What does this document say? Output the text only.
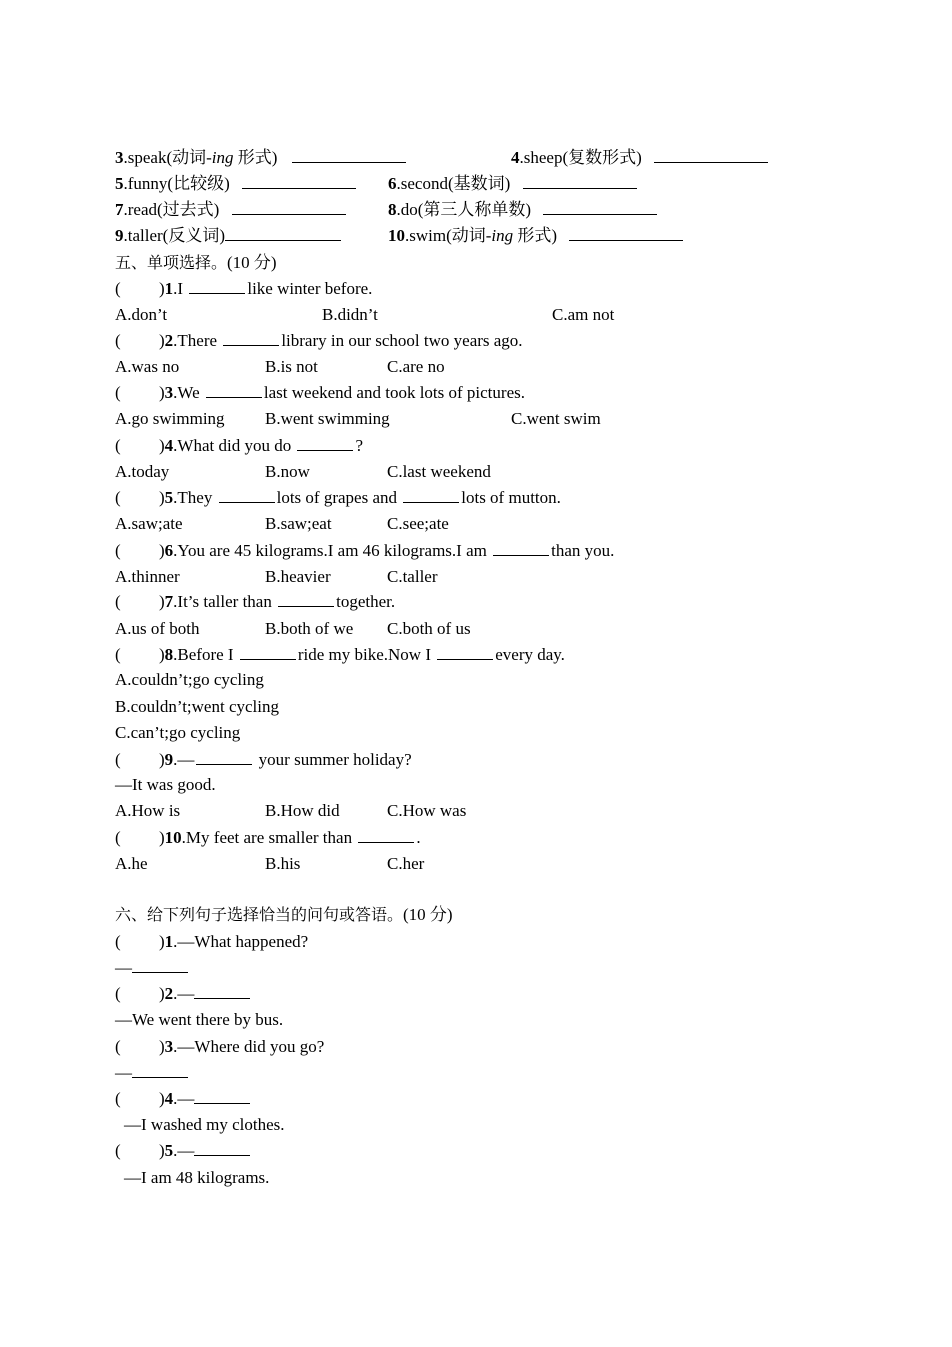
3.speak(动词-ing 形式)	4.sheep(复数形式)
5.funny(比较级)	6.second(基数词)
7.read(过去式)	8.do(第三人称单数)
9.taller(反义词)	10.swim(动词-ing 形式)
五、单项选择。(10 分)
( )1.I	like winter before.
A.don’t	B.didn’t	C.am not
( )2.There	library in our school two years ago.
A.was no	B.is not	C.are no
( )3.We	last weekend and took lots of pictures.
A.go swimming B.went swimming	C.went swim
( )4.What did you do	?
A.today	B.now	C.last weekend
( )5.They	lots of grapes and	lots of mutton.
A.saw;ate	B.saw;eat	C.see;ate
( )6.You are 45 kilograms.I am 46 kilograms.I am	than you.
A.thinner	B.heavier	C.taller
( )7.It’s taller than	together.
A.us of both	B.both of we C.both of us
( )8.Before I	ride my bike.Now I	every day.
A.couldn’t;go cycling
B.couldn’t;went cycling
C.can’t;go cycling
( )9.—	your summer holiday?
—It was good.
A.How is	B.How did	C.How was
( )10.My feet are smaller than	.
A.he	B.his	C.her
六、给下列句子选择恰当的问句或答语。(10 分)
( )1.—What happened?
—
( )2.—
—We went there by bus.
( )3.—Where did you go?
—
( )4.—
—I washed my clothes.
( )5.—
—I am 48 kilograms.
